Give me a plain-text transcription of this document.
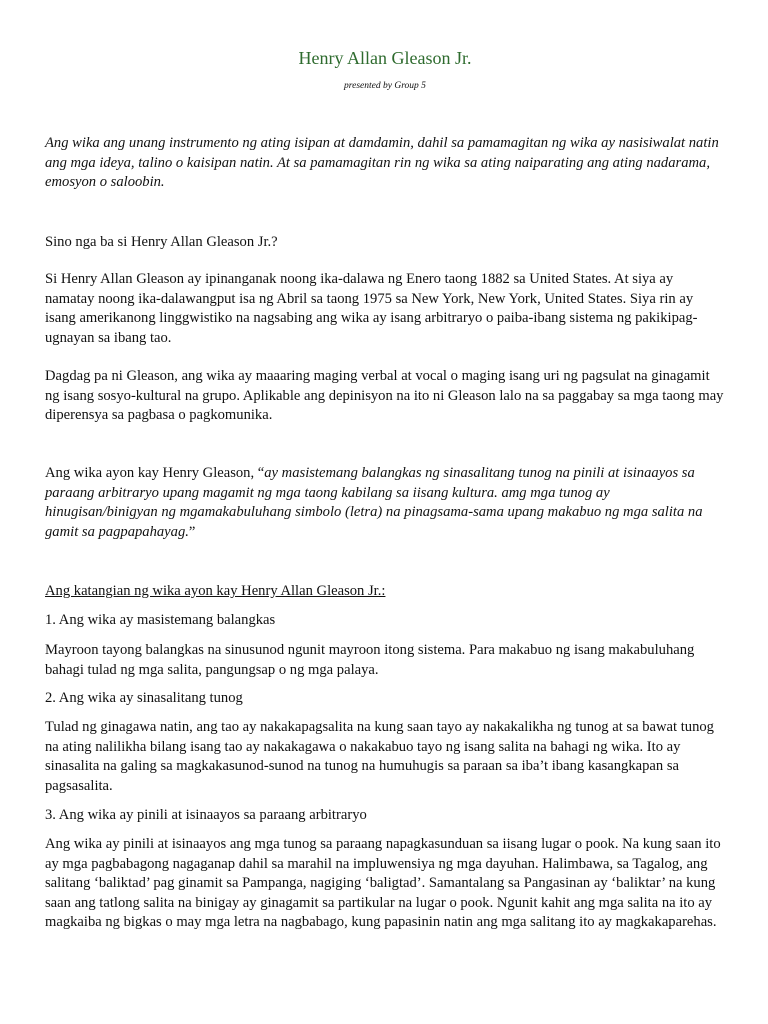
Henry Allan Gleason Jr.
presented by Group 5

Ang wika ang unang instrumento ng ating isipan at damdamin, dahil sa pamamagitan ng wika ay nasisiwalat natin ang mga ideya, talino o kaisipan natin. At sa pamamagitan rin ng wika sa ating naiparating ang ating nadarama, emosyon o saloobin.

Sino nga ba si Henry Allan Gleason Jr.?

Si Henry Allan Gleason ay ipinanganak noong ika-dalawa ng Enero taong 1882 sa United States. At siya ay namatay noong ika-dalawangput isa ng Abril sa taong 1975 sa New York, New York, United States. Siya rin ay isang amerikanong linggwistiko na nagsabing ang wika ay isang arbitraryo o paiba-ibang sistema ng pakikipag-ugnayan sa ibang tao.

Dagdag pa ni Gleason, ang wika ay maaaring maging verbal at vocal o maging isang uri ng pagsulat na ginagamit ng isang sosyo-kultural na grupo. Aplikable ang depinisyon na ito ni Gleason lalo na sa paggabay sa mga taong may diperensya sa pagbasa o pagkomunika.

Ang wika ayon kay Henry Gleason, “ay masistemang balangkas ng sinasalitang tunog na pinili at isinaayos sa paraang arbitraryo upang magamit ng mga taong kabilang sa iisang kultura. amg mga tunog ay hinugisan/binigyan ng mgamakabuluhang simbolo (letra) na pinagsama-sama upang makabuo ng mga salita na gamit sa pagpapahayag.”

Ang katangian ng wika ayon kay Henry Allan Gleason Jr.:

1. Ang wika ay masistemang balangkas

Mayroon tayong balangkas na sinusunod ngunit mayroon itong sistema. Para makabuo ng isang makabuluhang bahagi tulad ng mga salita, pangungsap o ng mga palaya.

2. Ang wika ay sinasalitang tunog

Tulad ng ginagawa natin, ang tao ay nakakapagsalita na kung saan tayo ay nakakalikha ng tunog at sa bawat tunog na ating nalilikha bilang isang tao ay nakakagawa o nakakabuo tayo ng isang salita na bahagi ng wika. Ito ay sinasalita na galing sa magkakasunod-sunod na tunog na humuhugis sa paraan sa iba’t ibang kasangkapan sa pagsasalita.

3. Ang wika ay pinili at isinaayos sa paraang arbitraryo

Ang wika ay pinili at isinaayos ang mga tunog sa paraang napagkasunduan sa iisang lugar o pook. Na kung saan ito ay mga pagbabagong nagaganap dahil sa marahil na impluwensiya ng mga dayuhan. Halimbawa, sa Tagalog, ang salitang ‘baliktad’ pag ginamit sa Pampanga, nagiging ‘baligtad’. Samantalang sa Pangasinan ay ‘baliktar’ na kung saan ang tatlong salita na binigay ay ginagamit sa partikular na lugar o pook. Ngunit kahit ang mga salita na ito ay magkaiba ng bigkas o may mga letra na nagbabago, kung papasinin natin ang mga salitang ito ay magkakaparehas.
